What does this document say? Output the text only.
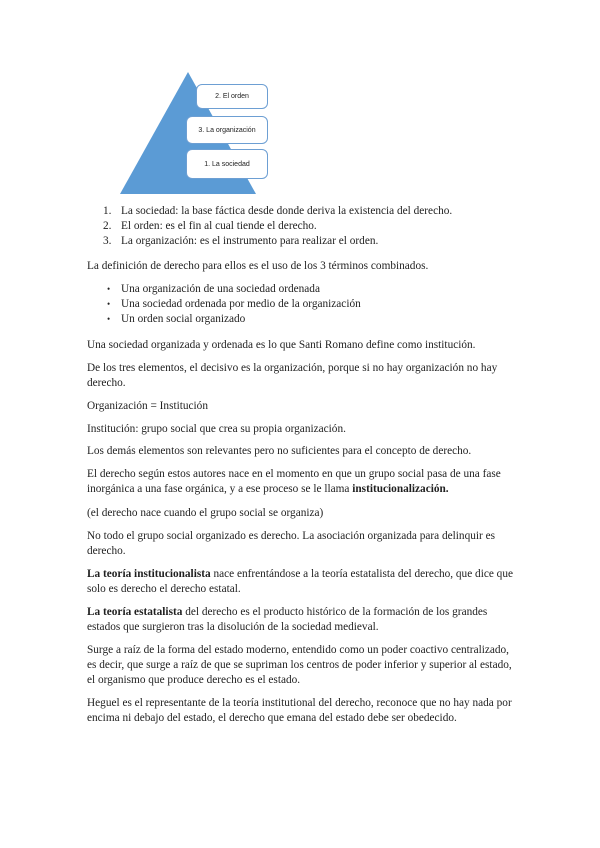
2. El orden
3. La organización
1. La sociedad
1. La sociedad: la base fáctica desde donde deriva la existencia del derecho.
2. El orden: es el fin al cual tiende el derecho.
3. La organización: es el instrumento para realizar el orden.

La definición de derecho para ellos es el uso de los 3 términos combinados.

• Una organización de una sociedad ordenada
• Una sociedad ordenada por medio de la organización
• Un orden social organizado

Una sociedad organizada y ordenada es lo que Santi Romano define como institución.

De los tres elementos, el decisivo es la organización, porque si no hay organización no hay derecho.

Organización = Institución

Institución: grupo social que crea su propia organización.

Los demás elementos son relevantes pero no suficientes para el concepto de derecho.

El derecho según estos autores nace en el momento en que un grupo social pasa de una fase inorgánica a una fase orgánica, y a ese proceso se le llama institucionalización.

(el derecho nace cuando el grupo social se organiza)

No todo el grupo social organizado es derecho. La asociación organizada para delinquir es derecho.

La teoría institucionalista nace enfrentándose a la teoría estatalista del derecho, que dice que solo es derecho el derecho estatal.

La teoría estatalista del derecho es el producto histórico de la formación de los grandes estados que surgieron tras la disolución de la sociedad medieval.

Surge a raíz de la forma del estado moderno, entendido como un poder coactivo centralizado, es decir, que surge a raíz de que se supriman los centros de poder inferior y superior al estado, el organismo que produce derecho es el estado.

Heguel es el representante de la teoría institutional del derecho, reconoce que no hay nada por encima ni debajo del estado, el derecho que emana del estado debe ser obedecido.
